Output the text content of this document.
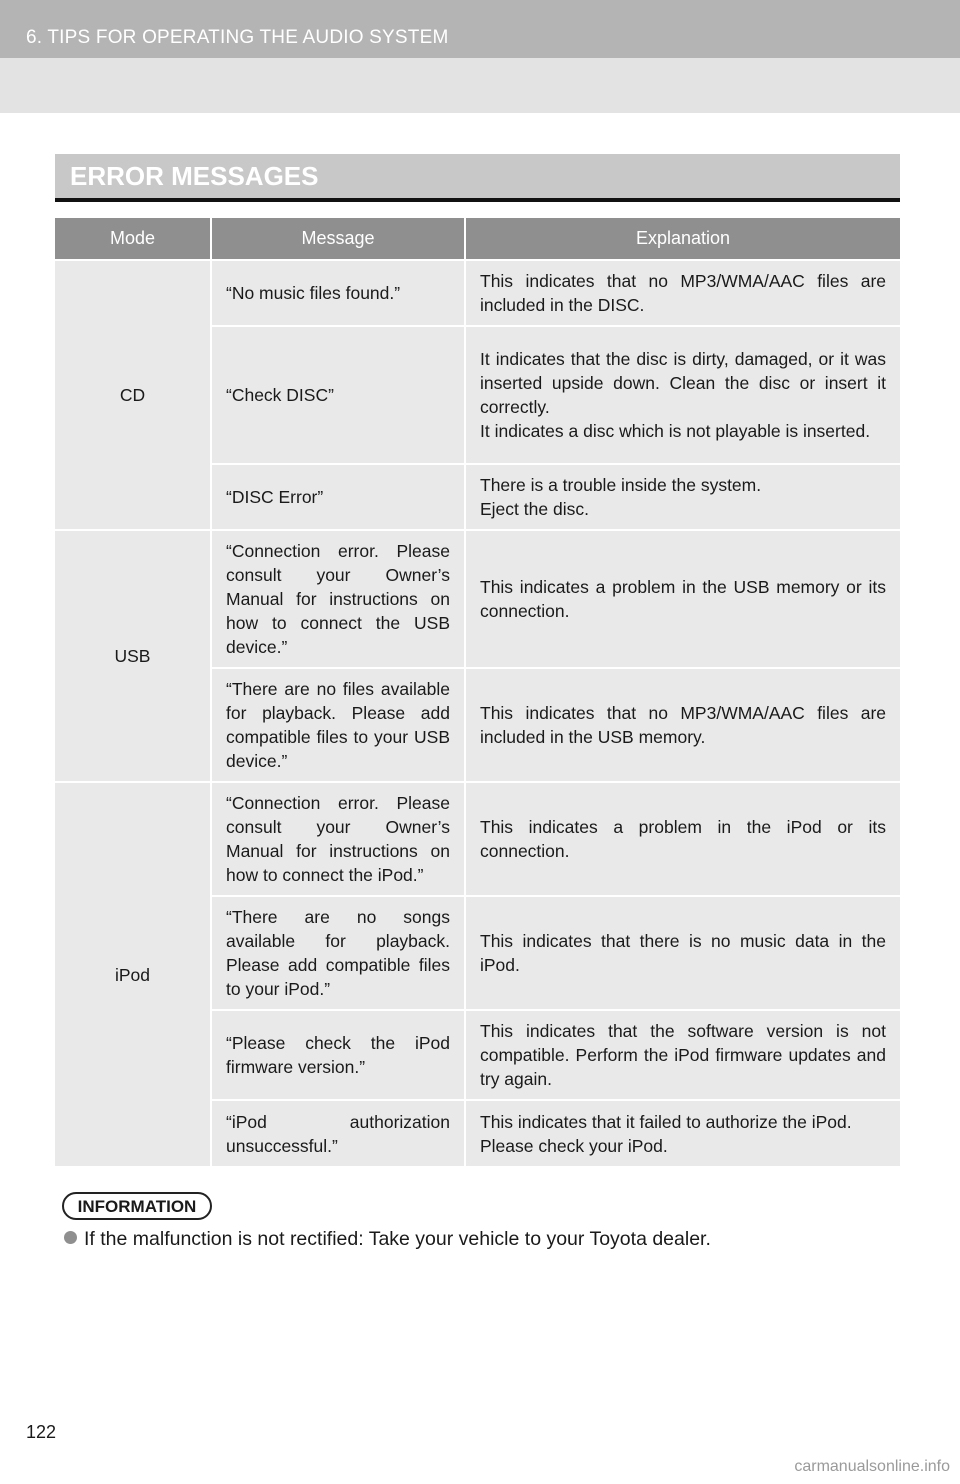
6. TIPS FOR OPERATING THE AUDIO SYSTEM
ERROR MESSAGES
Mode	Message	Explanation
CD	“No music files found.”	This indicates that no MP3/WMA/AAC files are included in the DISC.

	“Check DISC”	It indicates that the disc is dirty, damaged, or it was inserted upside down. Clean the disc or insert it correctly.
It indicates a disc which is not playable is inserted.

	“DISC Error”	There is a trouble inside the system.
Eject the disc.

USB	“Connection error. Please consult your Owner’s Manual for instructions on how to connect the USB device.”	This indicates a problem in the USB memory or its connection.

	“There are no files available for playback. Please add compatible files to your USB device.”	This indicates that no MP3/WMA/AAC files are included in the USB memory.

iPod	“Connection error. Please consult your Owner’s Manual for instructions on how to connect the iPod.”	This indicates a problem in the iPod or its connection.

	“There are no songs available for playback. Please add compatible files to your iPod.”	This indicates that there is no music data in the iPod.

	“Please check the iPod firmware version.”	This indicates that the software version is not compatible. Perform the iPod firmware updates and try again.

	“iPod authorization unsuccessful.”	This indicates that it failed to authorize the iPod.
Please check your iPod.
INFORMATION
If the malfunction is not rectified: Take your vehicle to your Toyota dealer.
122
carmanualsonline.info
